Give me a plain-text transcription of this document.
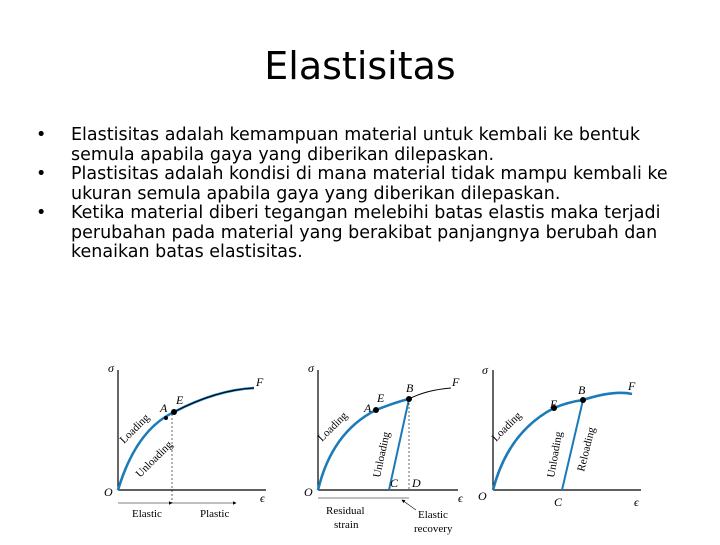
Elastisitas
•	Elastisitas adalah kemampuan material untuk kembali ke bentuk semula apabila gaya yang diberikan dilepaskan.
•	Plastisitas adalah kondisi di mana material tidak mampu kembali ke ukuran semula apabila gaya yang diberikan dilepaskan.
•	Ketika material diberi tegangan melebihi batas elastis maka terjadi perubahan pada material yang berakibat panjangnya berubah dan kenaikan batas elastisitas.
σ
O	ϵ
F
A
E
Loading
Unloading
Elastic	Plastic
σ
O	ϵ
F
A
E
B
C D
Loading
Unloading
Residual
strain
Elastic
recovery
σ
O	ϵ
F
E
B
C
Loading
Unloading Reloading
